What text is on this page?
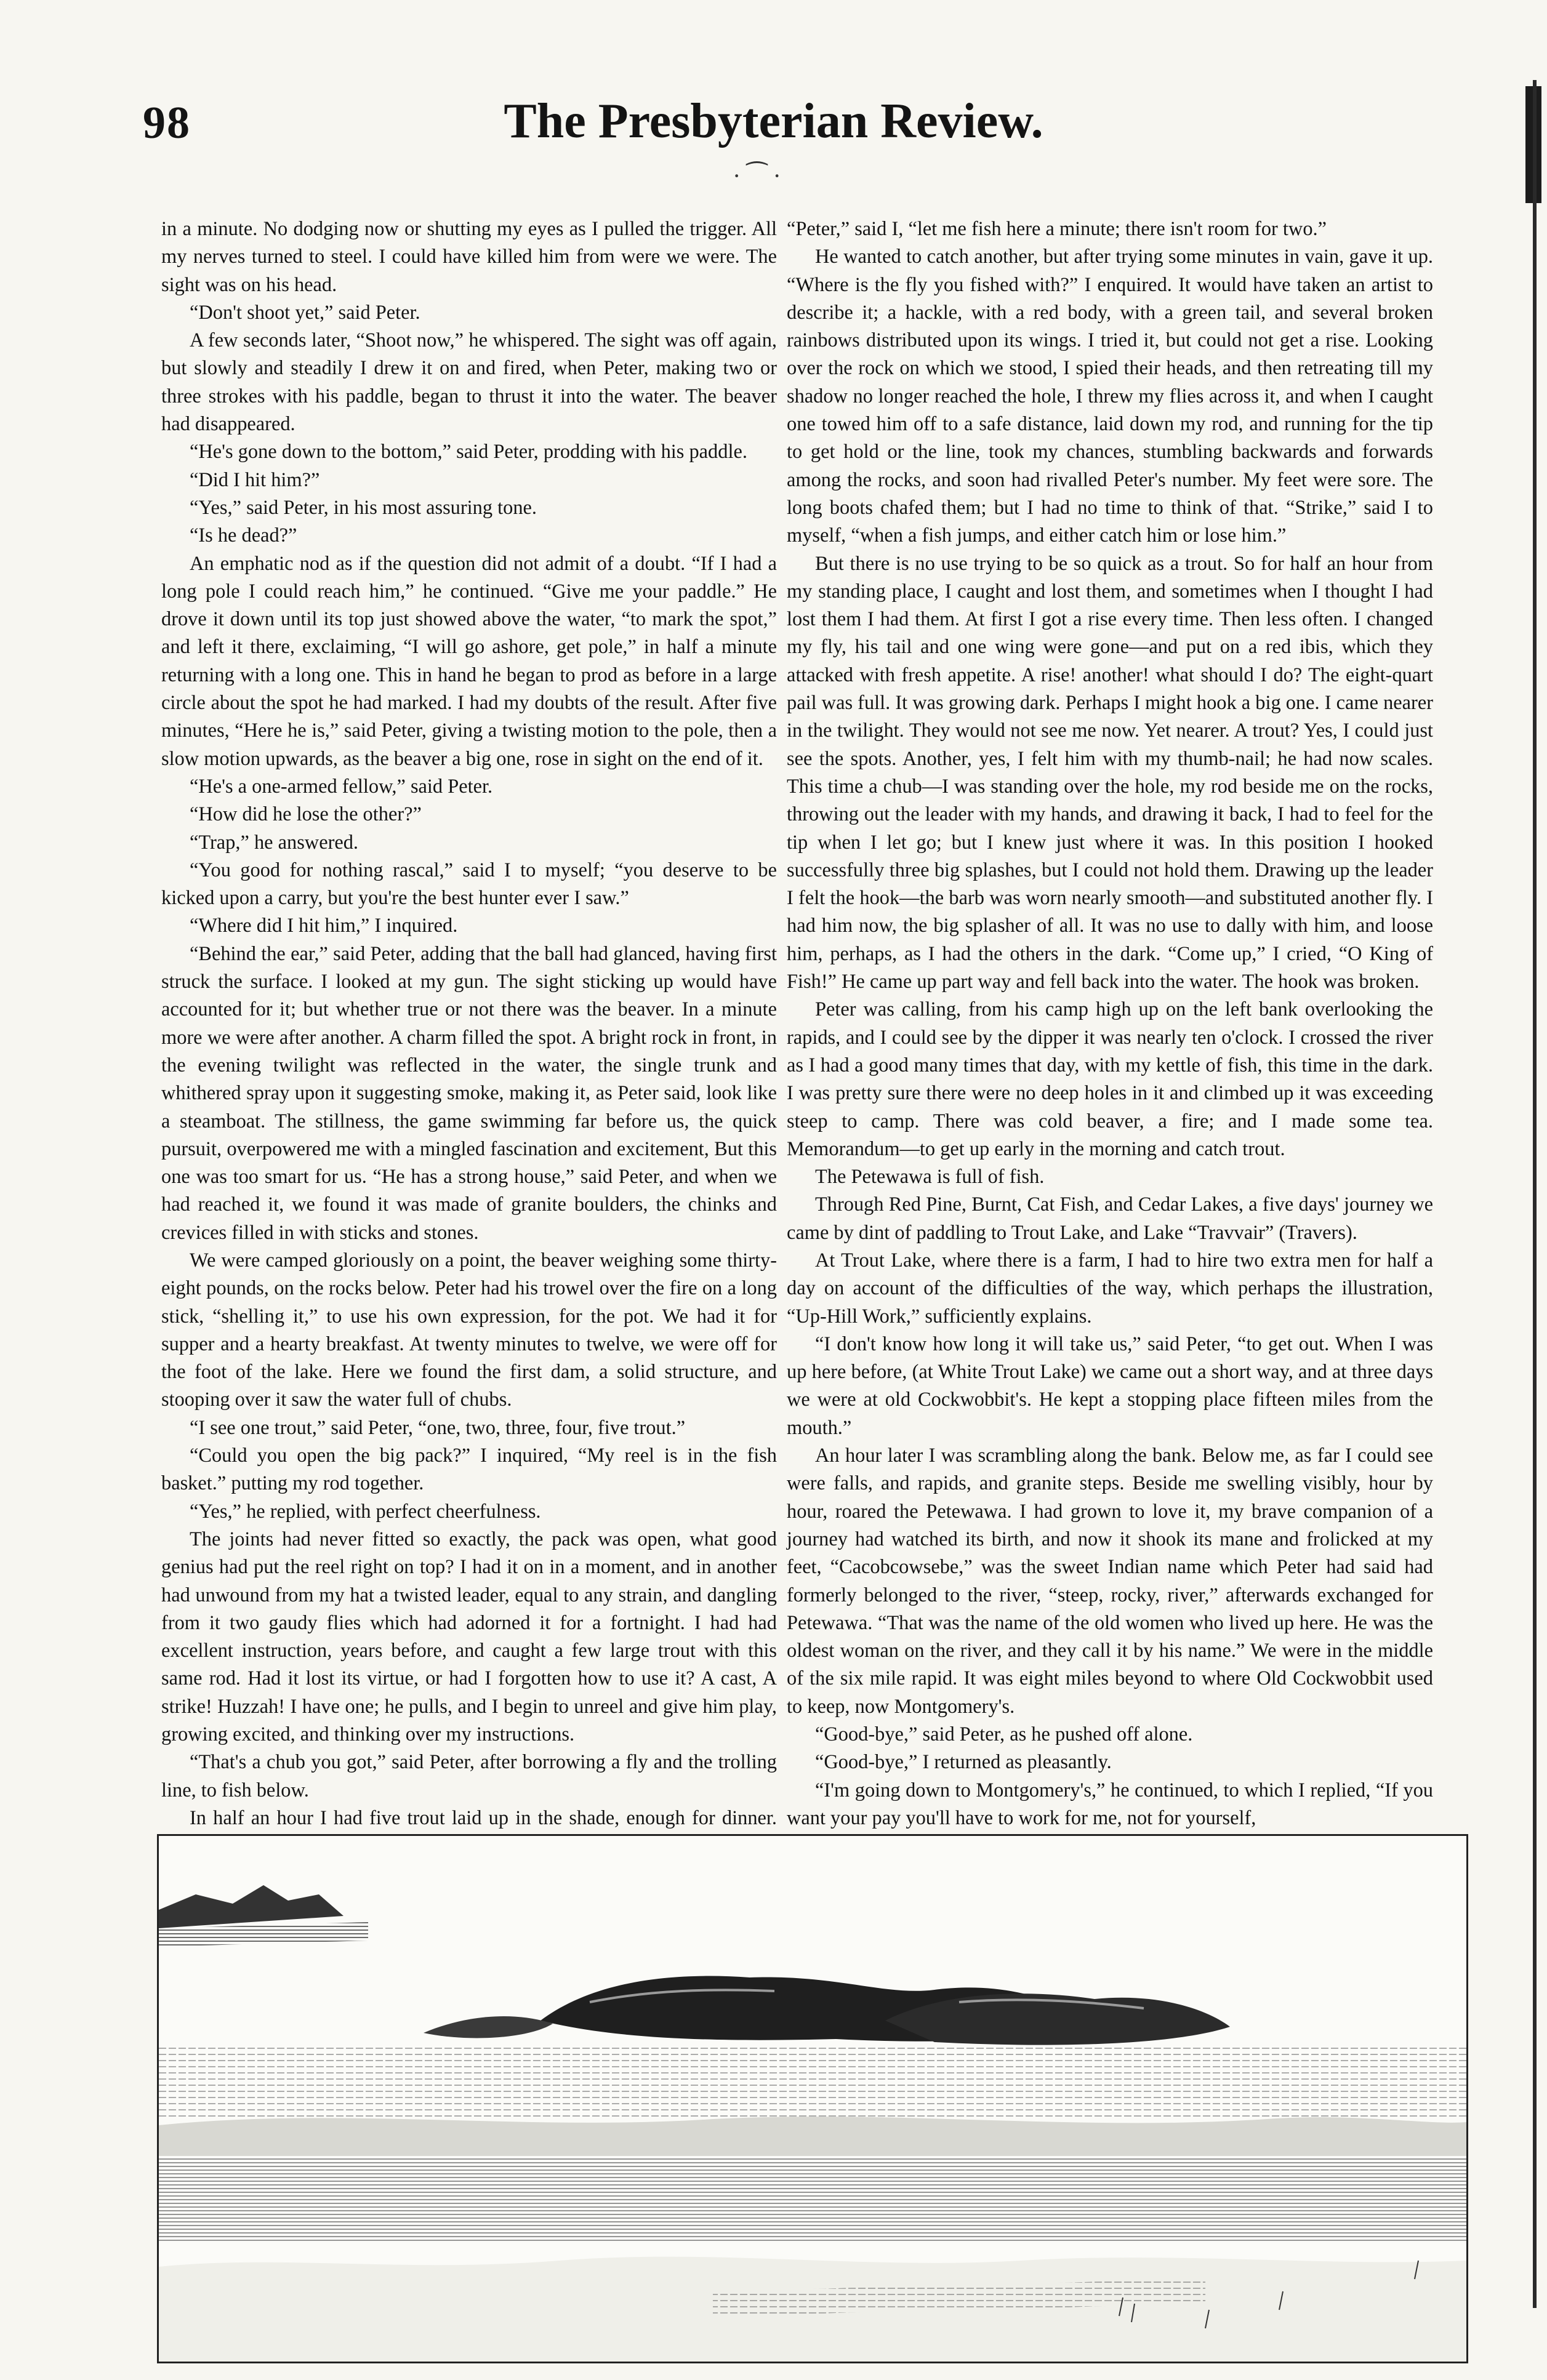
98	The Presbyterian Review.
· ⁀ ·

in a minute. No dodging now or shutting my eyes as I pulled the trigger. All my nerves turned to steel. I could have killed him from were we were. The sight was on his head.

“Don't shoot yet,” said Peter.

A few seconds later, “Shoot now,” he whispered. The sight was off again, but slowly and steadily I drew it on and fired, when Peter, making two or three strokes with his paddle, began to thrust it into the water. The beaver had disappeared.

“He's gone down to the bottom,” said Peter, prodding with his paddle.

“Did I hit him?”

“Yes,” said Peter, in his most assuring tone.

“Is he dead?”

An emphatic nod as if the question did not admit of a doubt. “If I had a long pole I could reach him,” he continued. “Give me your paddle.” He drove it down until its top just showed above the water, “to mark the spot,” and left it there, exclaiming, “I will go ashore, get pole,” in half a minute returning with a long one. This in hand he began to prod as before in a large circle about the spot he had marked. I had my doubts of the result. After five minutes, “Here he is,” said Peter, giving a twisting motion to the pole, then a slow motion upwards, as the beaver a big one, rose in sight on the end of it.

“He's a one-armed fellow,” said Peter.

“How did he lose the other?”

“Trap,” he answered.

“You good for nothing rascal,” said I to myself; “you deserve to be kicked upon a carry, but you're the best hunter ever I saw.”

“Where did I hit him,” I inquired.

“Behind the ear,” said Peter, adding that the ball had glanced, having first struck the surface. I looked at my gun. The sight sticking up would have accounted for it; but whether true or not there was the beaver. In a minute more we were after another. A charm filled the spot. A bright rock in front, in the evening twilight was reflected in the water, the single trunk and whithered spray upon it suggesting smoke, making it, as Peter said, look like a steamboat. The stillness, the game swimming far before us, the quick pursuit, overpowered me with a mingled fascination and excitement, But this one was too smart for us. “He has a strong house,” said Peter, and when we had reached it, we found it was made of granite boulders, the chinks and crevices filled in with sticks and stones.

We were camped gloriously on a point, the beaver weighing some thirty-eight pounds, on the rocks below. Peter had his trowel over the fire on a long stick, “shelling it,” to use his own expression, for the pot. We had it for supper and a hearty breakfast. At twenty minutes to twelve, we were off for the foot of the lake. Here we found the first dam, a solid structure, and stooping over it saw the water full of chubs.

“I see one trout,” said Peter, “one, two, three, four, five trout.”

“Could you open the big pack?” I inquired, “My reel is in the fish basket.” putting my rod together.

“Yes,” he replied, with perfect cheerfulness.

The joints had never fitted so exactly, the pack was open, what good genius had put the reel right on top? I had it on in a moment, and in another had unwound from my hat a twisted leader, equal to any strain, and dangling from it two gaudy flies which had adorned it for a fortnight. I had had excellent instruction, years before, and caught a few large trout with this same rod. Had it lost its virtue, or had I forgotten how to use it? A cast, A strike! Huzzah! I have one; he pulls, and I begin to unreel and give him play, growing excited, and thinking over my instructions.

“That's a chub you got,” said Peter, after borrowing a fly and the trolling line, to fish below.

In half an hour I had five trout laid up in the shade, enough for dinner.

“Peter,” said I, “let me fish here a minute; there isn't room for two.”

He wanted to catch another, but after trying some minutes in vain, gave it up. “Where is the fly you fished with?” I enquired. It would have taken an artist to describe it; a hackle, with a red body, with a green tail, and several broken rainbows distributed upon its wings. I tried it, but could not get a rise. Looking over the rock on which we stood, I spied their heads, and then retreating till my shadow no longer reached the hole, I threw my flies across it, and when I caught one towed him off to a safe distance, laid down my rod, and running for the tip to get hold or the line, took my chances, stumbling backwards and forwards among the rocks, and soon had rivalled Peter's number. My feet were sore. The long boots chafed them; but I had no time to think of that. “Strike,” said I to myself, “when a fish jumps, and either catch him or lose him.”

But there is no use trying to be so quick as a trout. So for half an hour from my standing place, I caught and lost them, and sometimes when I thought I had lost them I had them. At first I got a rise every time. Then less often. I changed my fly, his tail and one wing were gone—and put on a red ibis, which they attacked with fresh appetite. A rise! another! what should I do? The eight-quart pail was full. It was growing dark. Perhaps I might hook a big one. I came nearer in the twilight. They would not see me now. Yet nearer. A trout? Yes, I could just see the spots. Another, yes, I felt him with my thumb-nail; he had now scales. This time a chub—I was standing over the hole, my rod beside me on the rocks, throwing out the leader with my hands, and drawing it back, I had to feel for the tip when I let go; but I knew just where it was. In this position I hooked successfully three big splashes, but I could not hold them. Drawing up the leader I felt the hook—the barb was worn nearly smooth—and substituted another fly. I had him now, the big splasher of all. It was no use to dally with him, and loose him, perhaps, as I had the others in the dark. “Come up,” I cried, “O King of Fish!” He came up part way and fell back into the water. The hook was broken.

Peter was calling, from his camp high up on the left bank overlooking the rapids, and I could see by the dipper it was nearly ten o'clock. I crossed the river as I had a good many times that day, with my kettle of fish, this time in the dark. I was pretty sure there were no deep holes in it and climbed up it was exceeding steep to camp. There was cold beaver, a fire; and I made some tea. Memorandum—to get up early in the morning and catch trout.

The Petewawa is full of fish.

Through Red Pine, Burnt, Cat Fish, and Cedar Lakes, a five days' journey we came by dint of paddling to Trout Lake, and Lake “Travvair” (Travers).

At Trout Lake, where there is a farm, I had to hire two extra men for half a day on account of the difficulties of the way, which perhaps the illustration, “Up-Hill Work,” sufficiently explains.

“I don't know how long it will take us,” said Peter, “to get out. When I was up here before, (at White Trout Lake) we came out a short way, and at three days we were at old Cockwobbit's. He kept a stopping place fifteen miles from the mouth.”

An hour later I was scrambling along the bank. Below me, as far I could see were falls, and rapids, and granite steps. Beside me swelling visibly, hour by hour, roared the Petewawa. I had grown to love it, my brave companion of a journey had watched its birth, and now it shook its mane and frolicked at my feet, “Cacobcowsebe,” was the sweet Indian name which Peter had said had formerly belonged to the river, “steep, rocky, river,” afterwards exchanged for Petewawa. “That was the name of the old women who lived up here. He was the oldest woman on the river, and they call it by his name.” We were in the middle of the six mile rapid. It was eight miles beyond to where Old Cockwobbit used to keep, now Montgomery's.

“Good-bye,” said Peter, as he pushed off alone.

“Good-bye,” I returned as pleasantly.

“I'm going down to Montgomery's,” he continued, to which I replied, “If you want your pay you'll have to work for me, not for yourself,
